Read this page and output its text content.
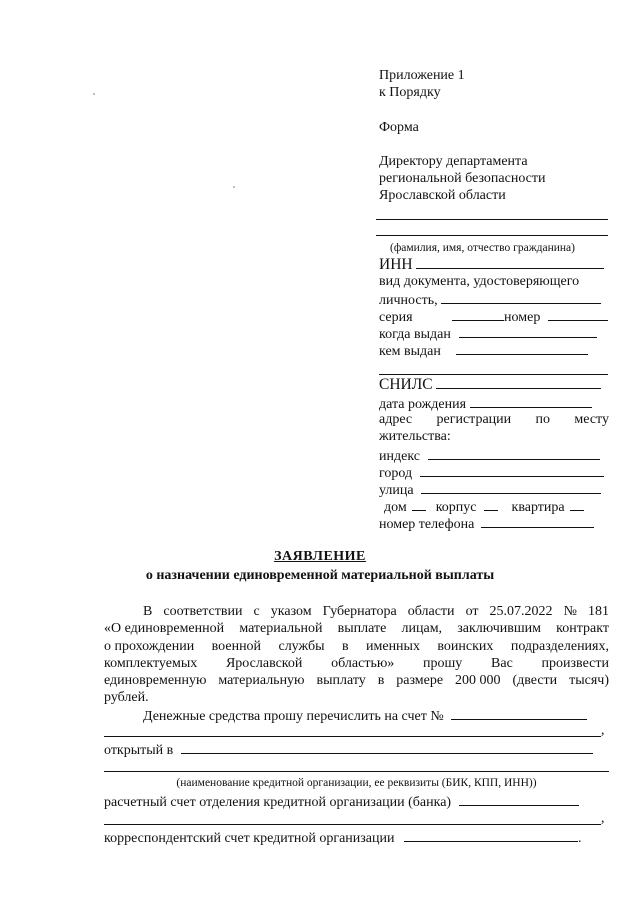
Приложение 1
к Порядку
Форма
Директору департамента
региональной безопасности
Ярославской области
(фамилия, имя, отчество гражданина)
ИНН
вид документа, удостоверяющего
личность,
серия	номер
когда выдан
кем выдан
СНИЛС
дата рождения
адрес регистрации по месту
жительства:
индекс
город
улица
дом корпус	квартира
номер телефона
ЗАЯВЛЕНИЕ
о назначении единовременной материальной выплаты
В соответствии с указом Губернатора области от 25.07.2022 № 181
«О единовременной материальной выплате лицам, заключившим контракт
о прохождении военной службы в именных воинских подразделениях,
комплектуемых Ярославской областью» прошу Вас произвести
единовременную материальную выплату в размере 200 000 (двести тысяч)
рублей.
Денежные средства прошу перечислить на счет №
,
открытый в
(наименование кредитной организации, ее реквизиты (БИК, КПП, ИНН))
расчетный счет отделения кредитной организации (банка)
,
корреспондентский счет кредитной организации	.
